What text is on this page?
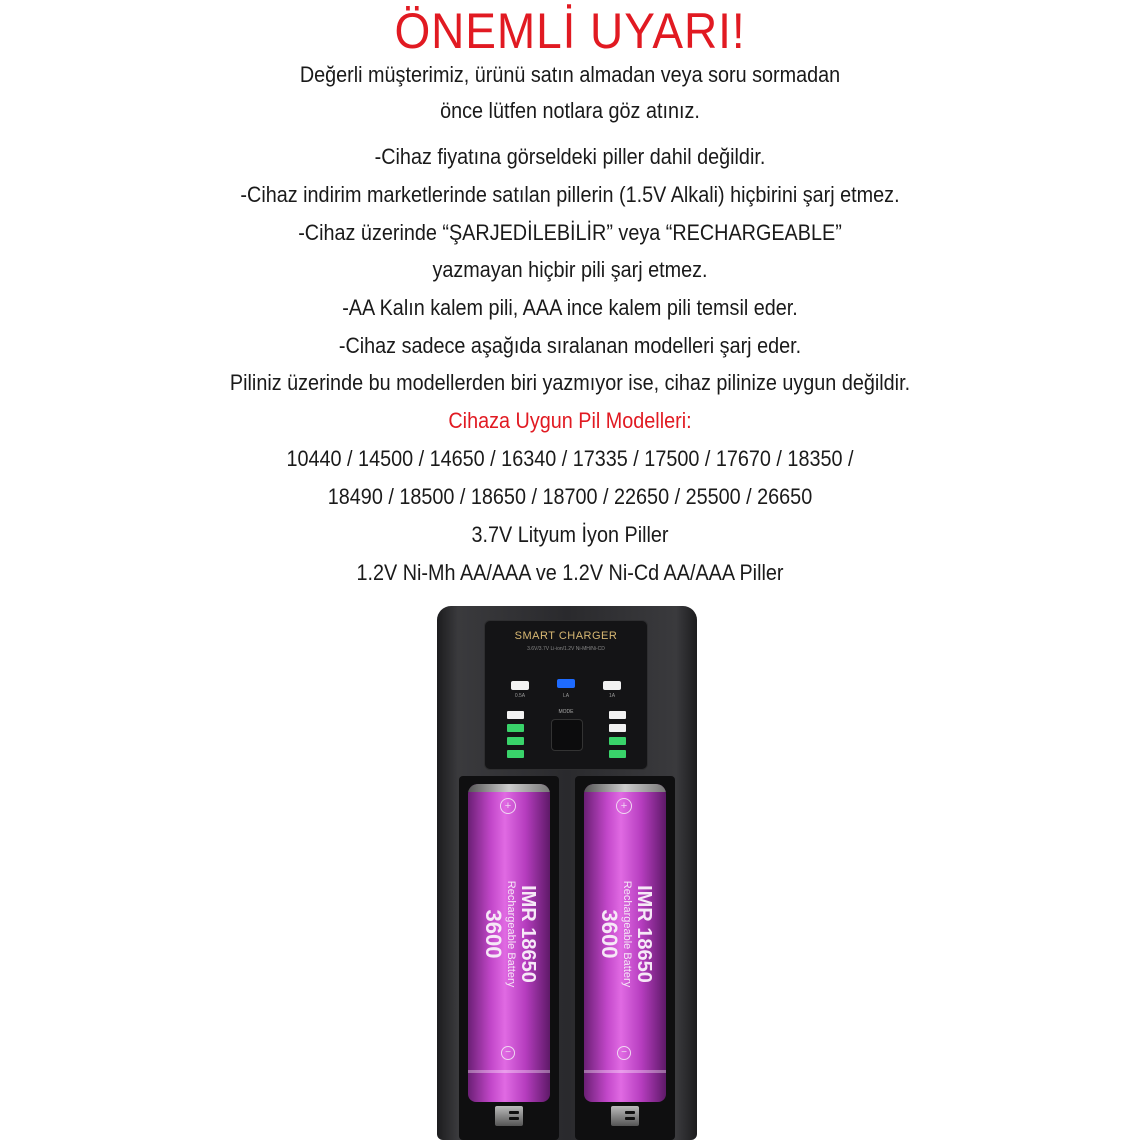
ÖNEMLİ UYARI!
Değerli müşterimiz, ürünü satın almadan veya soru sormadan
önce lütfen notlara göz atınız.
-Cihaz fiyatına görseldeki piller dahil değildir.
-Cihaz indirim marketlerinde satılan pillerin (1.5V Alkali) hiçbirini şarj etmez.
-Cihaz üzerinde “ŞARJEDİLEBİLİR” veya “RECHARGEABLE”
yazmayan hiçbir pili şarj etmez.
-AA Kalın kalem pili, AAA ince kalem pili temsil eder.
-Cihaz sadece aşağıda sıralanan modelleri şarj eder.
Piliniz üzerinde bu modellerden biri yazmıyor ise, cihaz pilinize uygun değildir.
Cihaza Uygun Pil Modelleri:
10440 / 14500 / 14650 / 16340 / 17335 / 17500 / 17670 / 18350 /
18490 / 18500 / 18650 / 18700 / 22650 / 25500 / 26650
3.7V Lityum İyon Piller
1.2V Ni-Mh AA/AAA ve 1.2V Ni-Cd AA/AAA Piller
SMART CHARGER
3.6V/3.7V Li-ion/1.2V Ni-MH/Ni-CD
0.5A	LA	1A
MODE
+
IMR 18650
Rechargeable Battery
3600
−
+
IMR 18650
Rechargeable Battery
3600
−
